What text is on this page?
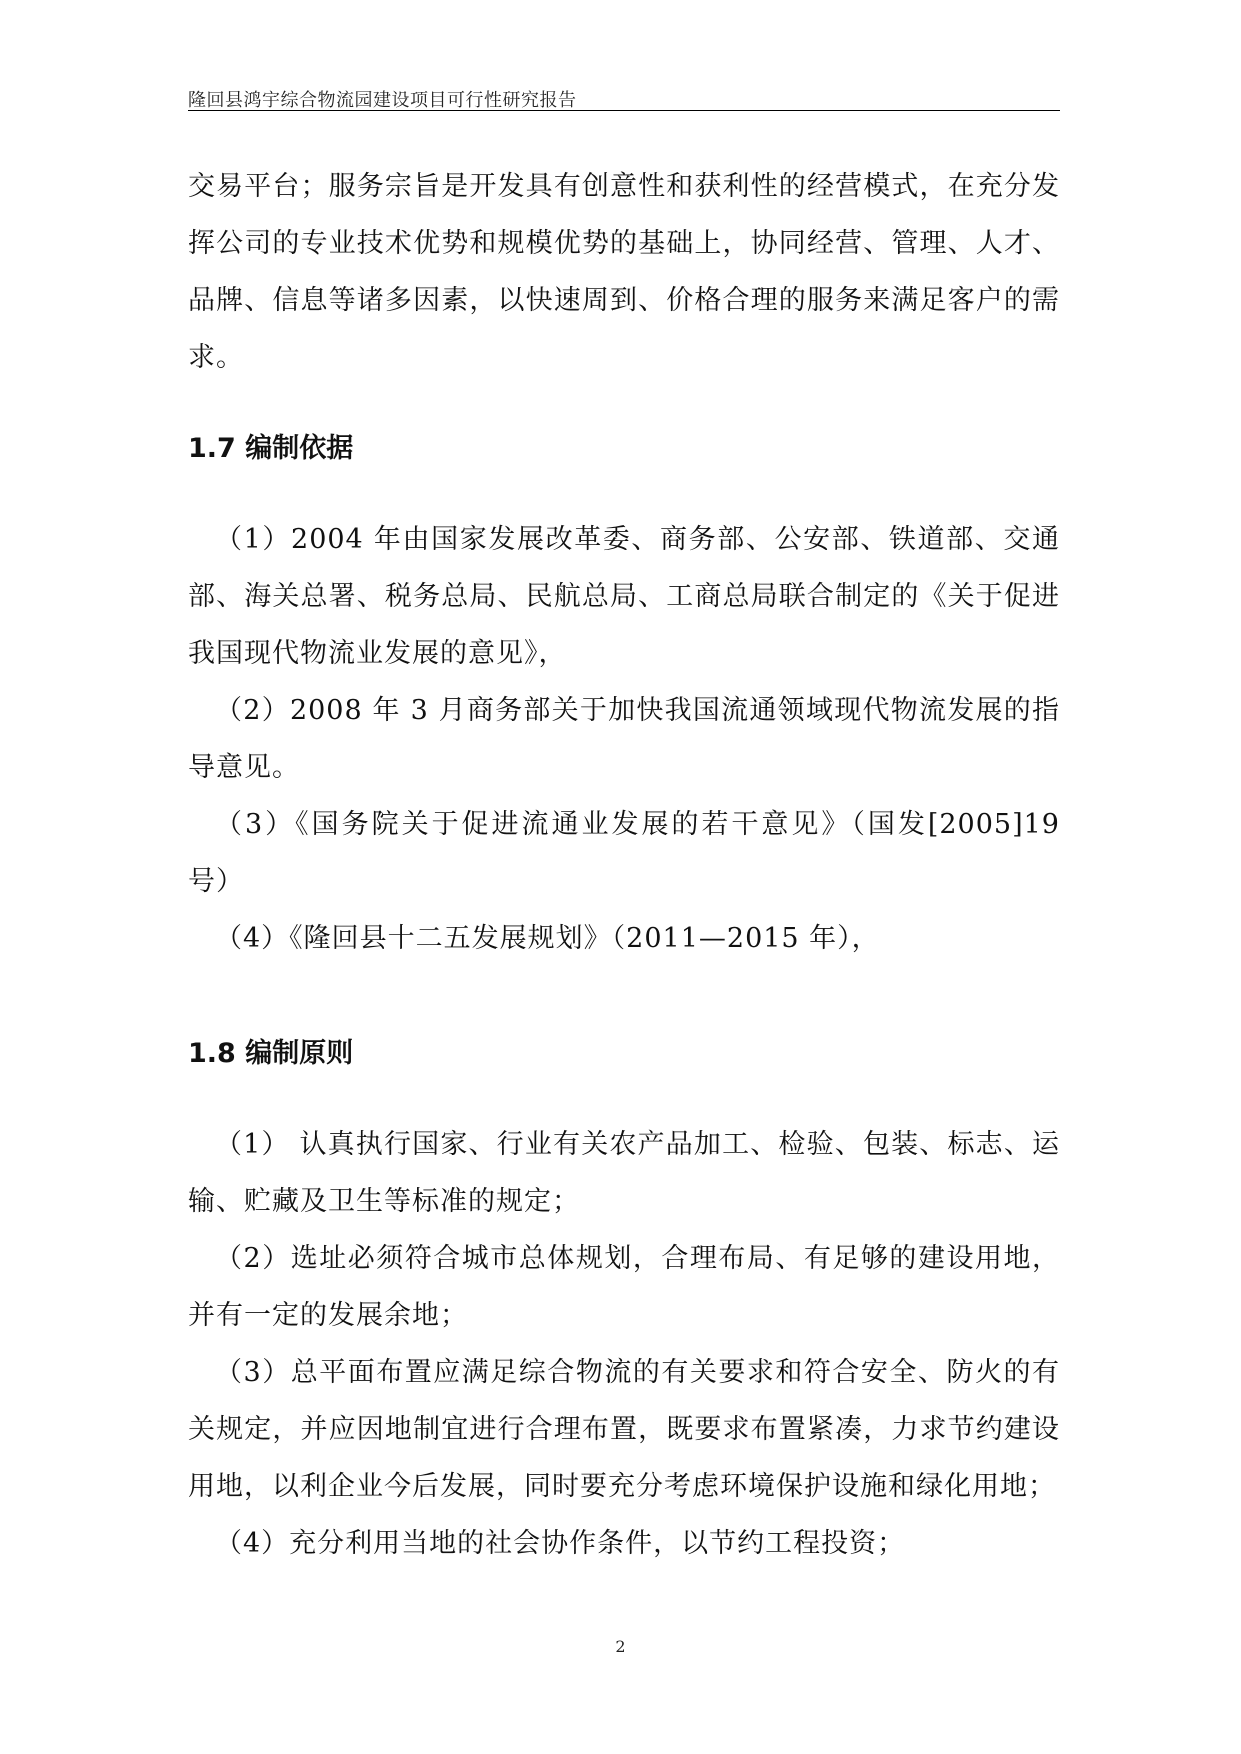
隆回县鸿宇综合物流园建设项目可行性研究报告

交易平台；服务宗旨是开发具有创意性和获利性的经营模式，在充分发挥公司的专业技术优势和规模优势的基础上，协同经营、管理、人才、品牌、信息等诸多因素，以快速周到、价格合理的服务来满足客户的需求。

1.7 编制依据

（1）2004 年由国家发展改革委、商务部、公安部、铁道部、交通部、海关总署、税务总局、民航总局、工商总局联合制定的《关于促进我国现代物流业发展的意见》，

（2）2008 年 3 月商务部关于加快我国流通领域现代物流发展的指导意见。

（3）《国务院关于促进流通业发展的若干意见》（国发[2005]19 号）

（4）《隆回县十二五发展规划》（2011—2015 年），

1.8 编制原则

（1） 认真执行国家、行业有关农产品加工、检验、包装、标志、运输、贮藏及卫生等标准的规定；

（2）选址必须符合城市总体规划，合理布局、有足够的建设用地，并有一定的发展余地；

（3）总平面布置应满足综合物流的有关要求和符合安全、防火的有关规定，并应因地制宜进行合理布置，既要求布置紧凑，力求节约建设用地，以利企业今后发展，同时要充分考虑环境保护设施和绿化用地；

（4）充分利用当地的社会协作条件，以节约工程投资；

2
